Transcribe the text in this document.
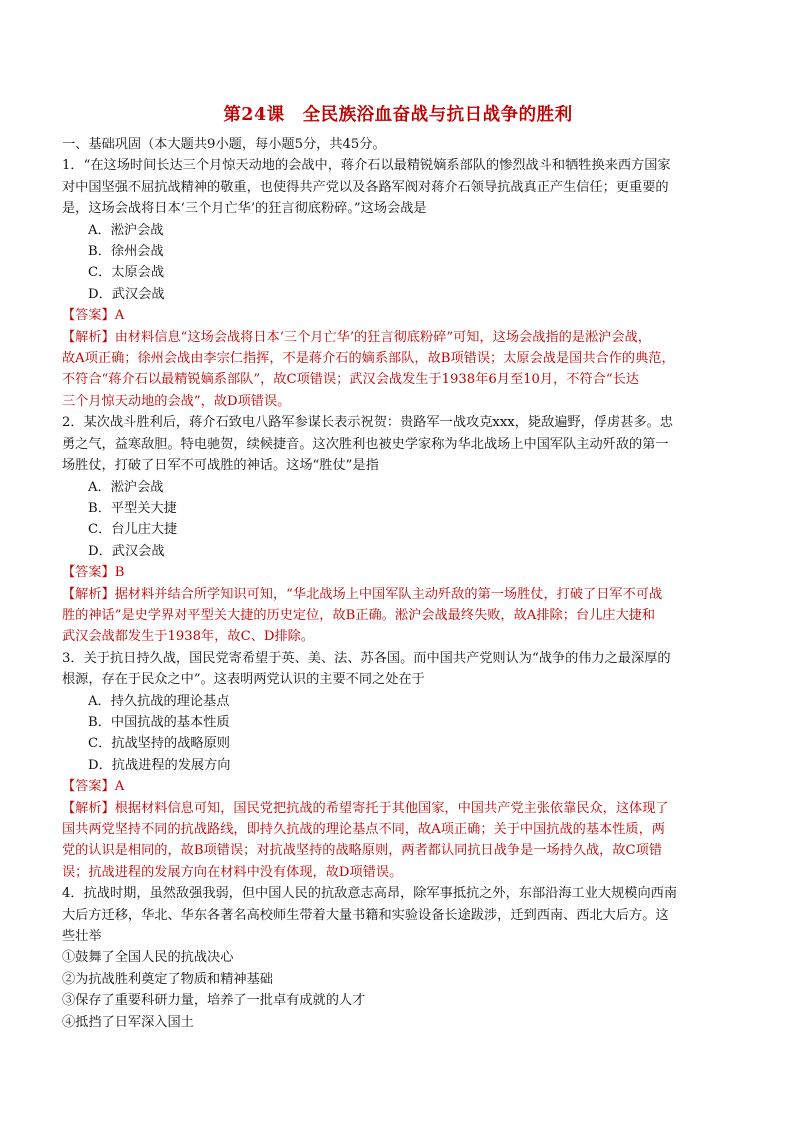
第24课　全民族浴血奋战与抗日战争的胜利
一、基础巩固（本大题共9小题，每小题5分，共45分。
1．“在这场时间长达三个月惊天动地的会战中，蒋介石以最精锐嫡系部队的惨烈战斗和牺牲换来西方国家
对中国坚强不屈抗战精神的敬重，也使得共产党以及各路军阀对蒋介石领导抗战真正产生信任；更重要的
是，这场会战将日本‘三个月亡华’的狂言彻底粉碎。”这场会战是
A．淞沪会战
B．徐州会战
C．太原会战
D．武汉会战
【答案】A
【解析】由材料信息“这场会战将日本‘三个月亡华’的狂言彻底粉碎”可知，这场会战指的是淞沪会战，
故A项正确；徐州会战由李宗仁指挥，不是蒋介石的嫡系部队，故B项错误；太原会战是国共合作的典范，
不符合“蒋介石以最精锐嫡系部队”，故C项错误；武汉会战发生于1938年6月至10月，不符合“长达
三个月惊天动地的会战”，故D项错误。
2．某次战斗胜利后，蒋介石致电八路军参谋长表示祝贺：贵路军一战攻克xxx，毙敌遍野，俘虏甚多。忠
勇之气，益寒敌胆。特电驰贺，续候捷音。这次胜利也被史学家称为华北战场上中国军队主动歼敌的第一
场胜仗，打破了日军不可战胜的神话。这场“胜仗”是指
A．淞沪会战
B．平型关大捷
C．台儿庄大捷
D．武汉会战
【答案】B
【解析】据材料并结合所学知识可知，“华北战场上中国军队主动歼敌的第一场胜仗，打破了日军不可战
胜的神话”是史学界对平型关大捷的历史定位，故B正确。淞沪会战最终失败，故A排除；台儿庄大捷和
武汉会战都发生于1938年，故C、D排除。
3．关于抗日持久战，国民党寄希望于英、美、法、苏各国。而中国共产党则认为“战争的伟力之最深厚的
根源，存在于民众之中”。这表明两党认识的主要不同之处在于
A．持久抗战的理论基点
B．中国抗战的基本性质
C．抗战坚持的战略原则
D．抗战进程的发展方向
【答案】A
【解析】根据材料信息可知，国民党把抗战的希望寄托于其他国家，中国共产党主张依靠民众，这体现了
国共两党坚持不同的抗战路线，即持久抗战的理论基点不同，故A项正确；关于中国抗战的基本性质，两
党的认识是相同的，故B项错误；对抗战坚持的战略原则，两者都认同抗日战争是一场持久战，故C项错
误；抗战进程的发展方向在材料中没有体现，故D项错误。
4．抗战时期，虽然敌强我弱，但中国人民的抗敌意志高昂，除军事抵抗之外，东部沿海工业大规模向西南
大后方迁移，华北、华东各著名高校师生带着大量书籍和实验设备长途跋涉，迁到西南、西北大后方。这
些壮举
①鼓舞了全国人民的抗战决心
②为抗战胜利奠定了物质和精神基础
③保存了重要科研力量，培养了一批卓有成就的人才
④抵挡了日军深入国土
